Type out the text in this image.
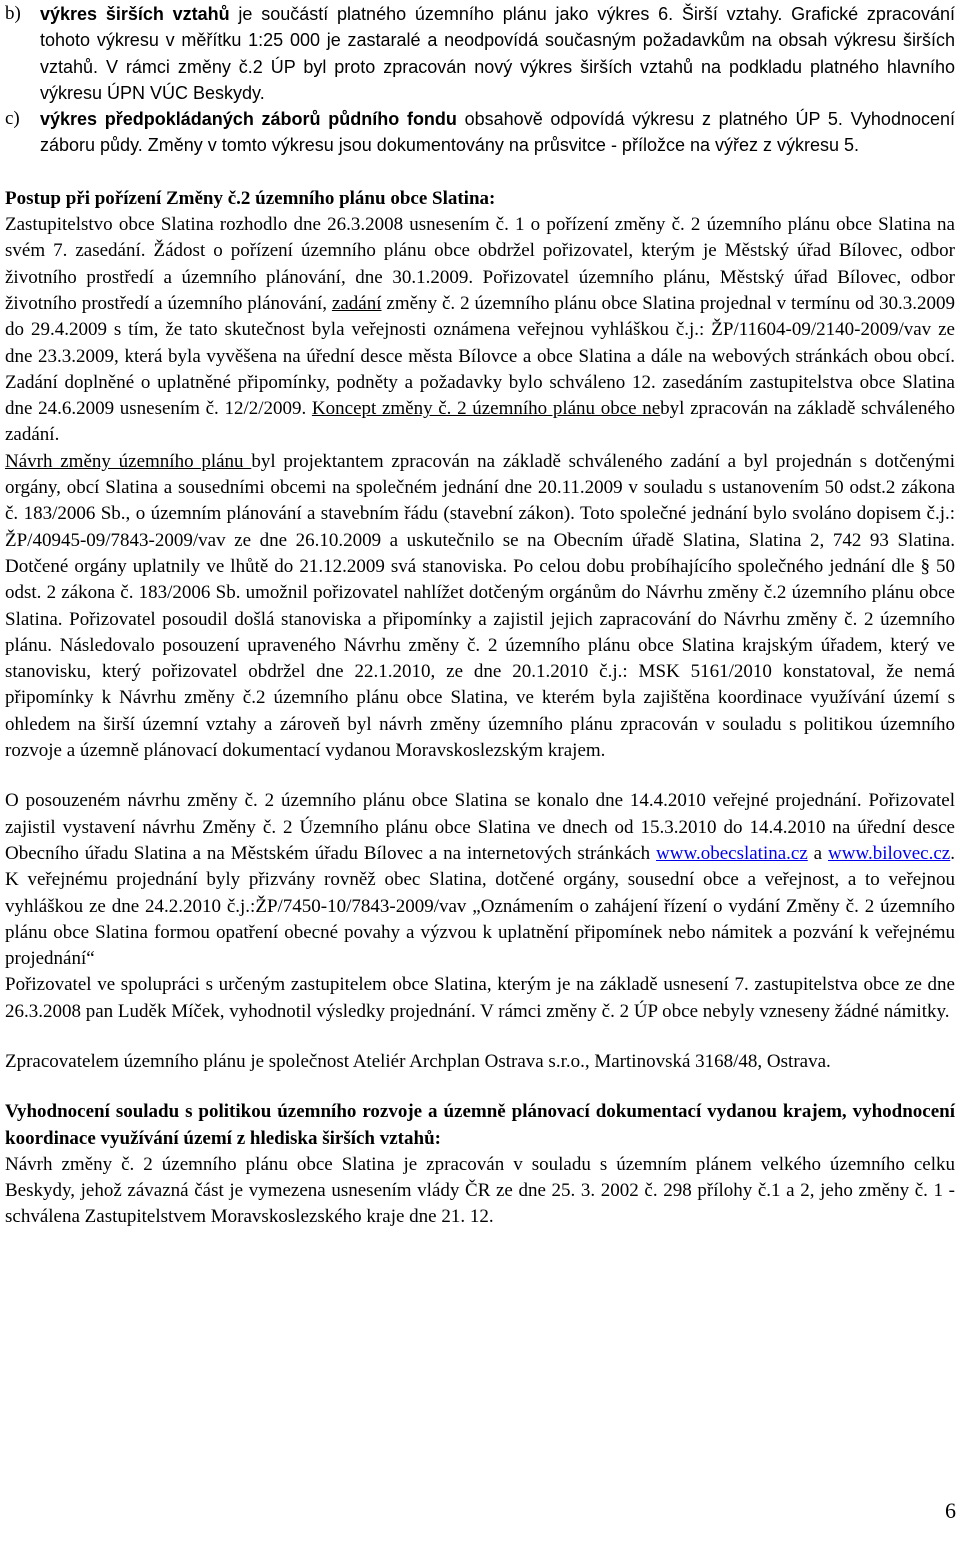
b)	výkres širších vztahů je součástí platného územního plánu jako výkres 6. Širší vztahy. Grafické zpracování tohoto výkresu v měřítku 1:25 000 je zastaralé a neodpovídá současným požadavkům na obsah výkresu širších vztahů. V rámci změny č.2 ÚP byl proto zpracován nový výkres širších vztahů na podkladu platného hlavního výkresu ÚPN VÚC Beskydy.

c)	výkres předpokládaných záborů půdního fondu obsahově odpovídá výkresu z platného ÚP 5. Vyhodnocení záboru půdy. Změny v tomto výkresu jsou dokumentovány na průsvitce - příložce na výřez z výkresu 5.

Postup při pořízení Změny č.2 územního plánu obce Slatina:

Zastupitelstvo obce Slatina rozhodlo dne 26.3.2008 usnesením č. 1 o pořízení změny č. 2 územního plánu obce Slatina na svém 7. zasedání. Žádost o pořízení územního plánu obce obdržel pořizovatel, kterým je Městský úřad Bílovec, odbor životního prostředí a územního plánování, dne 30.1.2009. Pořizovatel územního plánu, Městský úřad Bílovec, odbor životního prostředí a územního plánování, zadání změny č. 2 územního plánu obce Slatina projednal v termínu od 30.3.2009 do 29.4.2009 s tím, že tato skutečnost byla veřejnosti oznámena veřejnou vyhláškou č.j.: ŽP/11604-09/2140-2009/vav ze dne 23.3.2009, která byla vyvěšena na úřední desce města Bílovce a obce Slatina a dále na webových stránkách obou obcí. Zadání doplněné o uplatněné připomínky, podněty a požadavky bylo schváleno 12. zasedáním zastupitelstva obce Slatina dne 24.6.2009 usnesením č. 12/2/2009. Koncept změny č. 2 územního plánu obce nebyl zpracován na základě schváleného zadání.

Návrh změny územního plánu byl projektantem zpracován na základě schváleného zadání a byl projednán s dotčenými orgány, obcí Slatina a sousedními obcemi na společném jednání dne 20.11.2009 v souladu s ustanovením 50 odst.2 zákona č. 183/2006 Sb., o územním plánování a stavebním řádu (stavební zákon). Toto společné jednání bylo svoláno dopisem č.j.: ŽP/40945-09/7843-2009/vav ze dne 26.10.2009 a uskutečnilo se na Obecním úřadě Slatina, Slatina 2, 742 93 Slatina. Dotčené orgány uplatnily ve lhůtě do 21.12.2009 svá stanoviska. Po celou dobu probíhajícího společného jednání dle § 50 odst. 2 zákona č. 183/2006 Sb. umožnil pořizovatel nahlížet dotčeným orgánům do Návrhu změny č.2 územního plánu obce Slatina. Pořizovatel posoudil došlá stanoviska a připomínky a zajistil jejich zapracování do Návrhu změny č. 2 územního plánu. Následovalo posouzení upraveného Návrhu změny č. 2 územního plánu obce Slatina krajským úřadem, který ve stanovisku, který pořizovatel obdržel dne 22.1.2010, ze dne 20.1.2010 č.j.: MSK 5161/2010 konstatoval, že nemá připomínky k Návrhu změny č.2 územního plánu obce Slatina, ve kterém byla zajištěna koordinace využívání území s ohledem na širší územní vztahy a zároveň byl návrh změny územního plánu zpracován v souladu s politikou územního rozvoje a územně plánovací dokumentací vydanou Moravskoslezským krajem.

O posouzeném návrhu změny č. 2 územního plánu obce Slatina se konalo dne 14.4.2010 veřejné projednání. Pořizovatel zajistil vystavení návrhu Změny č. 2 Územního plánu obce Slatina ve dnech od 15.3.2010 do 14.4.2010 na úřední desce Obecního úřadu Slatina a na Městském úřadu Bílovec a na internetových stránkách www.obecslatina.cz a www.bilovec.cz. K veřejnému projednání byly přizvány rovněž obec Slatina, dotčené orgány, sousední obce a veřejnost, a to veřejnou vyhláškou ze dne 24.2.2010 č.j.:ŽP/7450-10/7843-2009/vav „Oznámením o zahájení řízení o vydání Změny č. 2 územního plánu obce Slatina formou opatření obecné povahy a výzvou k uplatnění připomínek nebo námitek a pozvání k veřejnému projednání“

Pořizovatel ve spolupráci s určeným zastupitelem obce Slatina, kterým je na základě usnesení 7. zastupitelstva obce ze dne 26.3.2008 pan Luděk Míček, vyhodnotil výsledky projednání. V rámci změny č. 2 ÚP obce nebyly vzneseny žádné námitky.

Zpracovatelem územního plánu je společnost Ateliér Archplan Ostrava s.r.o., Martinovská 3168/48, Ostrava.

Vyhodnocení souladu s politikou územního rozvoje a územně plánovací dokumentací vydanou krajem, vyhodnocení koordinace využívání území z hlediska širších vztahů:

Návrh změny č. 2 územního plánu obce Slatina je zpracován v souladu s územním plánem velkého územního celku Beskydy, jehož závazná část je vymezena usnesením vlády ČR ze dne 25. 3. 2002 č. 298 přílohy č.1 a 2, jeho změny č. 1 - schválena Zastupitelstvem Moravskoslezského kraje dne 21. 12.

6
